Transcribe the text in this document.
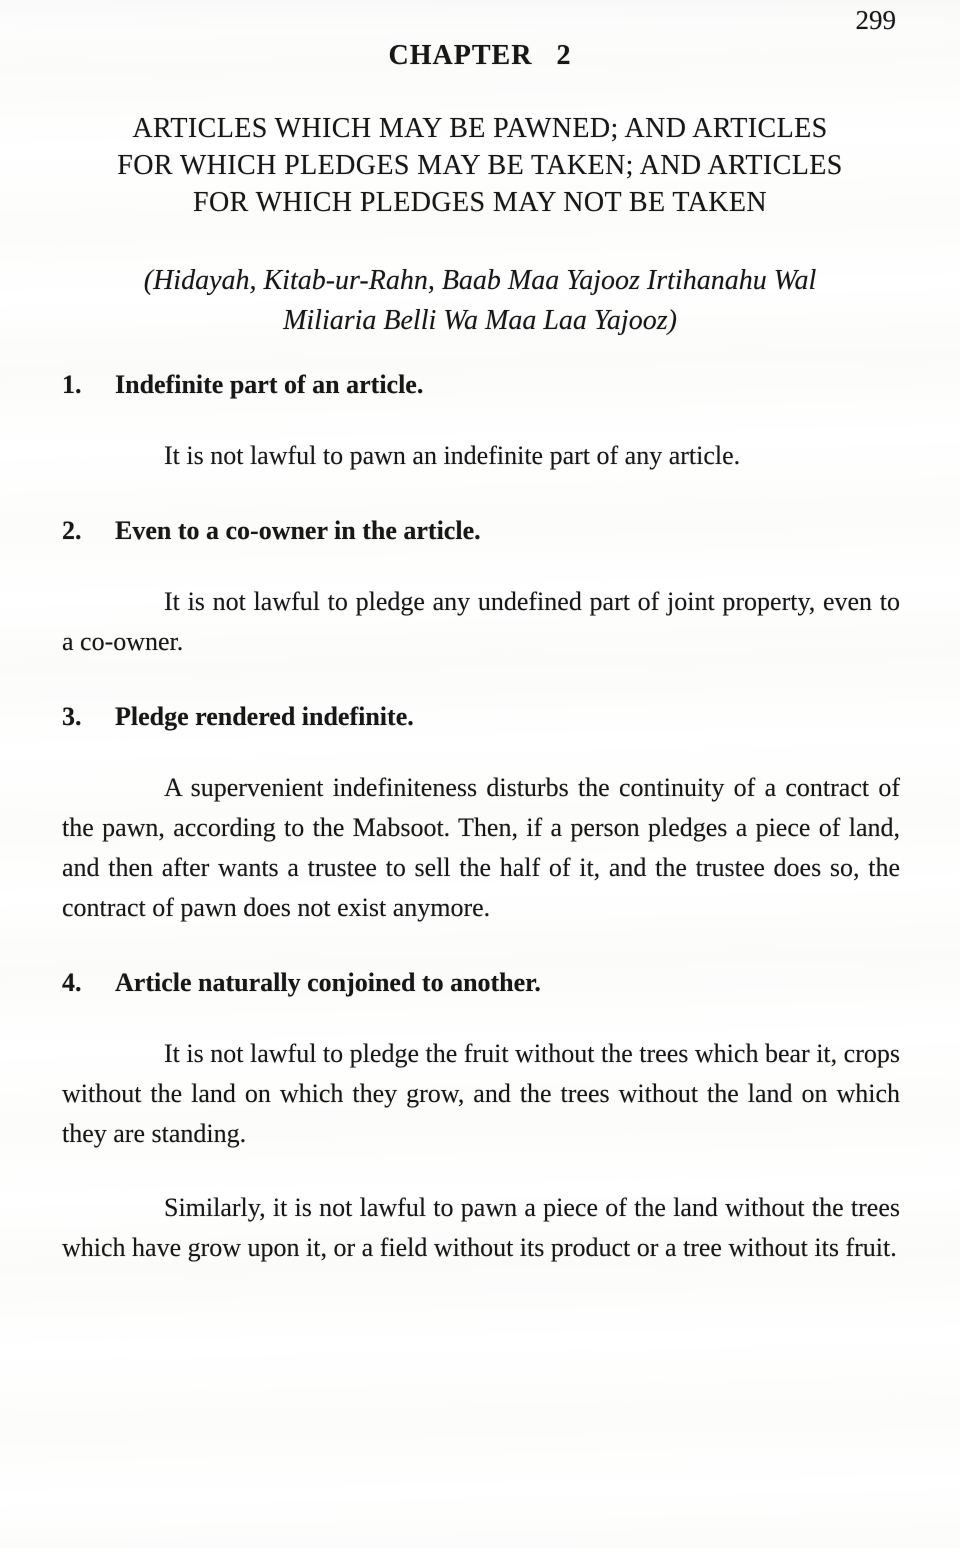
299
CHAPTER 2
ARTICLES WHICH MAY BE PAWNED; AND ARTICLES
FOR WHICH PLEDGES MAY BE TAKEN; AND ARTICLES
FOR WHICH PLEDGES MAY NOT BE TAKEN
(Hidayah, Kitab-ur-Rahn, Baab Maa Yajooz Irtihanahu Wal
Miliaria Belli Wa Maa Laa Yajooz)
1.	Indefinite part of an article.

It is not lawful to pawn an indefinite part of any article.

2.	Even to a co-owner in the article.

It is not lawful to pledge any undefined part of joint property, even to a co-owner.

3.	Pledge rendered indefinite.

A supervenient indefiniteness disturbs the continuity of a contract of the pawn, according to the Mabsoot. Then, if a person pledges a piece of land, and then after wants a trustee to sell the half of it, and the trustee does so, the contract of pawn does not exist anymore.

4.	Article naturally conjoined to another.

It is not lawful to pledge the fruit without the trees which bear it, crops without the land on which they grow, and the trees without the land on which they are standing.

Similarly, it is not lawful to pawn a piece of the land without the trees which have grow upon it, or a field without its product or a tree without its fruit.
